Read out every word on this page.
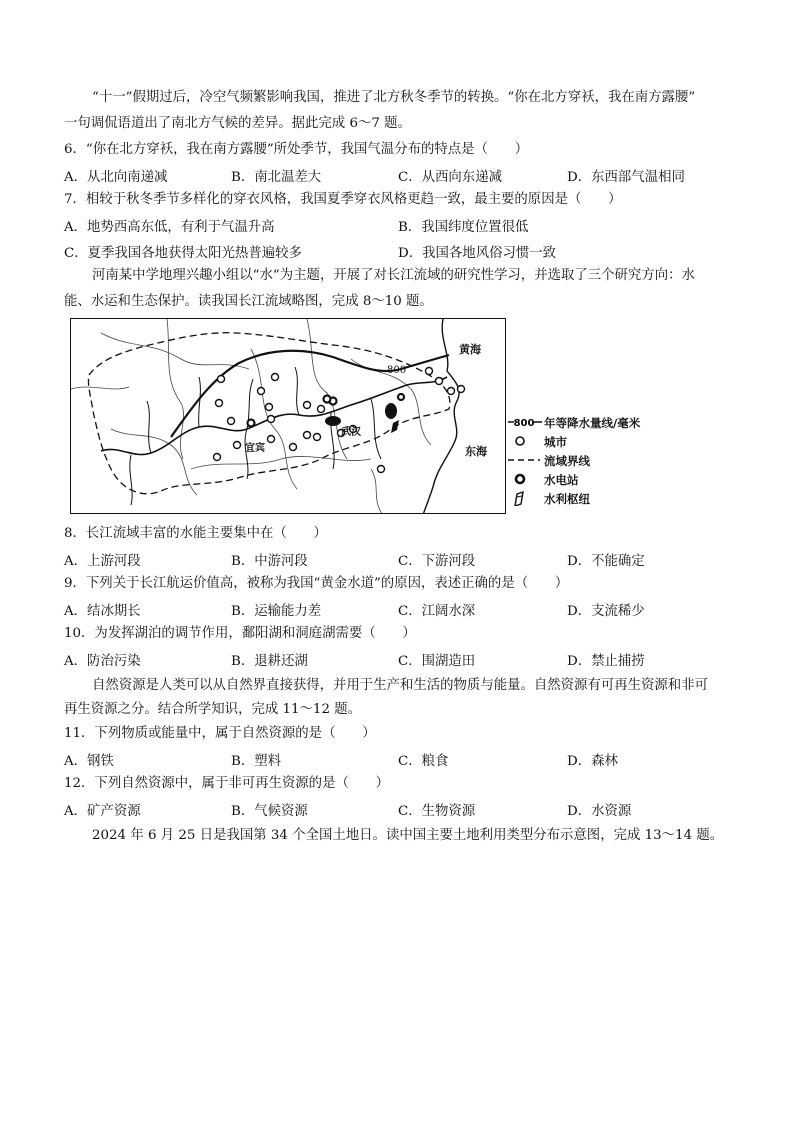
“十一”假期过后，冷空气频繁影响我国，推进了北方秋冬季节的转换。“你在北方穿袄，我在南方露腰”
一句调侃语道出了南北方气候的差异。据此完成 6～7 题。
6．“你在北方穿袄，我在南方露腰”所处季节，我国气温分布的特点是（　　）
A．从北向南递减	B．南北温差大	C．从西向东递减	D．东西部气温相同
7．相较于秋冬季节多样化的穿衣风格，我国夏季穿衣风格更趋一致，最主要的原因是（　　）
A．地势西高东低，有利于气温升高	B．我国纬度位置很低
C．夏季我国各地获得太阳光热普遍较多	D．我国各地风俗习惯一致
河南某中学地理兴趣小组以“水”为主题，开展了对长江流域的研究性学习，并选取了三个研究方向：水
能、水运和生态保护。读我国长江流域略图，完成 8～10 题。
黄海
东海
武汉
宜宾
800
800 年等降水量线/毫米
城市
流域界线
水电站
水利枢纽
8．长江流域丰富的水能主要集中在（　　）
A．上游河段	B．中游河段	C．下游河段	D．不能确定
9．下列关于长江航运价值高，被称为我国“黄金水道”的原因，表述正确的是（　　）
A．结冰期长	B．运输能力差	C．江阔水深	D．支流稀少
10．为发挥湖泊的调节作用，鄱阳湖和洞庭湖需要（　　）
A．防治污染	B．退耕还湖	C．围湖造田	D．禁止捕捞
自然资源是人类可以从自然界直接获得，并用于生产和生活的物质与能量。自然资源有可再生资源和非可
再生资源之分。结合所学知识，完成 11～12 题。
11．下列物质或能量中，属于自然资源的是（　　）
A．钢铁	B．塑料	C．粮食	D．森林
12．下列自然资源中，属于非可再生资源的是（　　）
A．矿产资源	B．气候资源	C．生物资源	D．水资源
2024 年 6 月 25 日是我国第 34 个全国土地日。读中国主要土地利用类型分布示意图，完成 13～14 题。
